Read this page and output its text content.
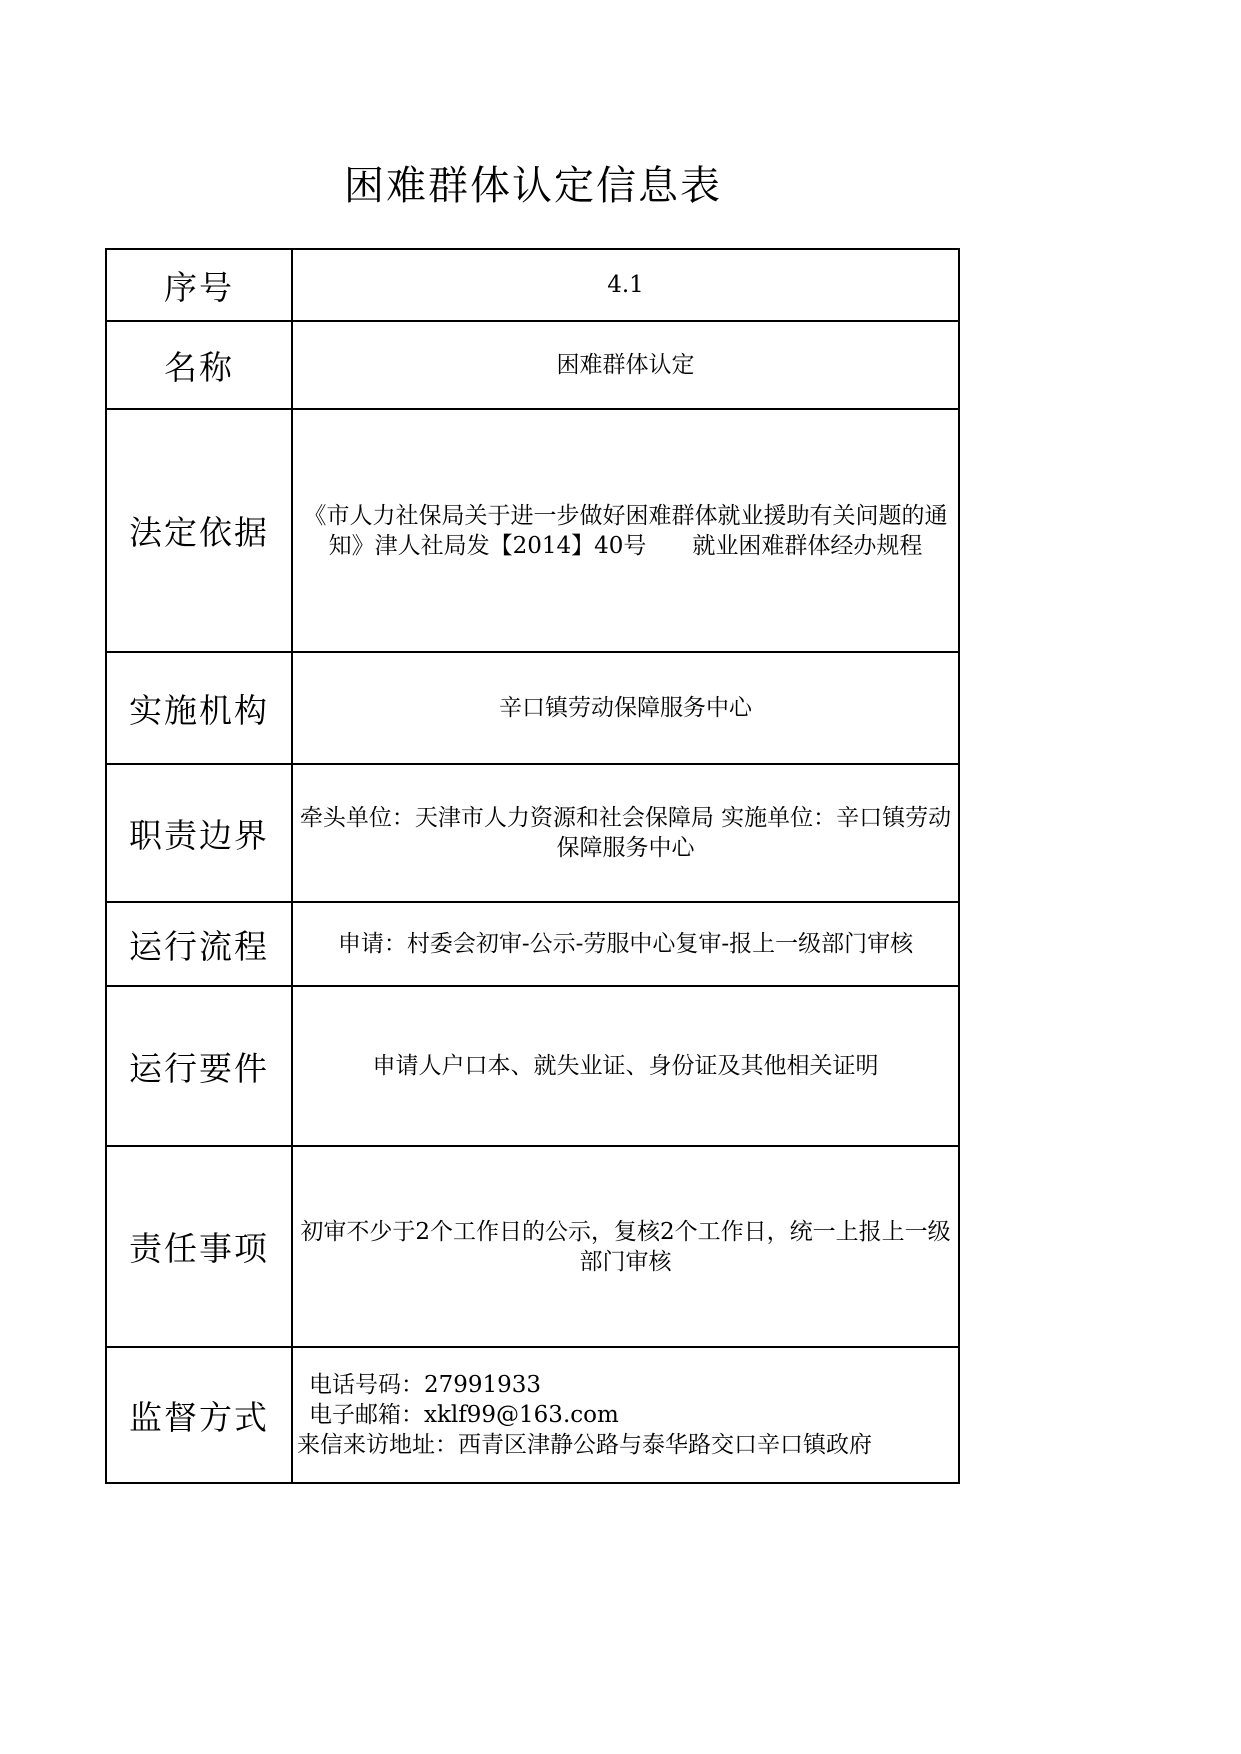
困难群体认定信息表
序号	4.1
名称	困难群体认定
法定依据	《市人力社保局关于进一步做好困难群体就业援助有关问题的通知》津人社局发【2014】40号　　就业困难群体经办规程
实施机构	辛口镇劳动保障服务中心
职责边界	牵头单位：天津市人力资源和社会保障局 实施单位：辛口镇劳动保障服务中心
运行流程	申请：村委会初审-公示-劳服中心复审-报上一级部门审核
运行要件	申请人户口本、就失业证、身份证及其他相关证明
责任事项	初审不少于2个工作日的公示，复核2个工作日，统一上报上一级部门审核
监督方式	电话号码：27991933
电子邮箱：xklf99@163.com
来信来访地址：西青区津静公路与泰华路交口辛口镇政府
